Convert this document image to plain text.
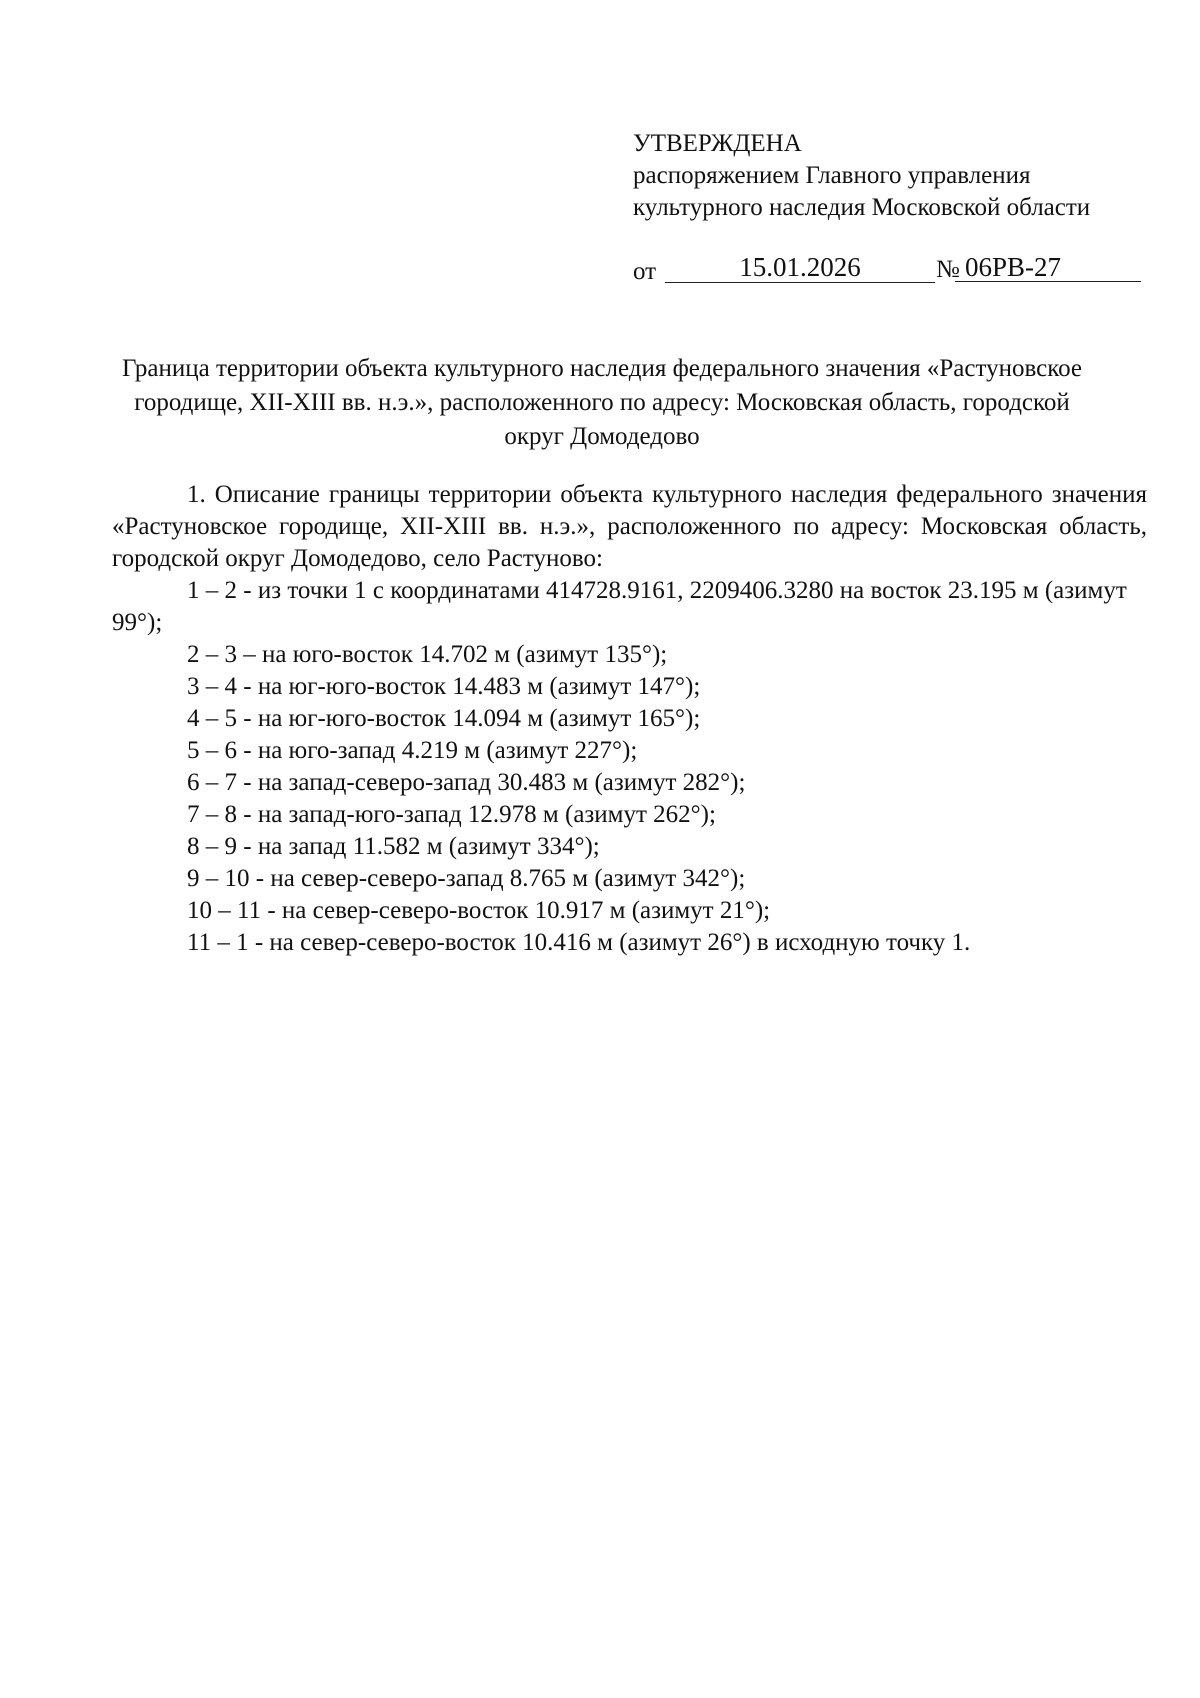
УТВЕРЖДЕНА
распоряжением Главного управления
культурного наследия Московской области
от	15.01.2026	№ 06РВ-27
Граница территории объекта культурного наследия федерального значения «Растуновское городище, XII-XIII вв. н.э.», расположенного по адресу: Московская область, городской округ Домодедово

1. Описание границы территории объекта культурного наследия федерального значения «Растуновское городище, XII-XIII вв. н.э.», расположенного по адресу: Московская область, городской округ Домодедово, село Растуново:

1 – 2 - из точки 1 с координатами 414728.9161, 2209406.3280 на восток 23.195 м (азимут 99°);

2 – 3 – на юго-восток 14.702 м (азимут 135°);

3 – 4 - на юг-юго-восток 14.483 м (азимут 147°);

4 – 5 - на юг-юго-восток 14.094 м (азимут 165°);

5 – 6 - на юго-запад 4.219 м (азимут 227°);

6 – 7 - на запад-северо-запад 30.483 м (азимут 282°);

7 – 8 - на запад-юго-запад 12.978 м (азимут 262°);

8 – 9 - на запад 11.582 м (азимут 334°);

9 – 10 - на север-северо-запад 8.765 м (азимут 342°);

10 – 11 - на север-северо-восток 10.917 м (азимут 21°);

11 – 1 - на север-северо-восток 10.416 м (азимут 26°) в исходную точку 1.
